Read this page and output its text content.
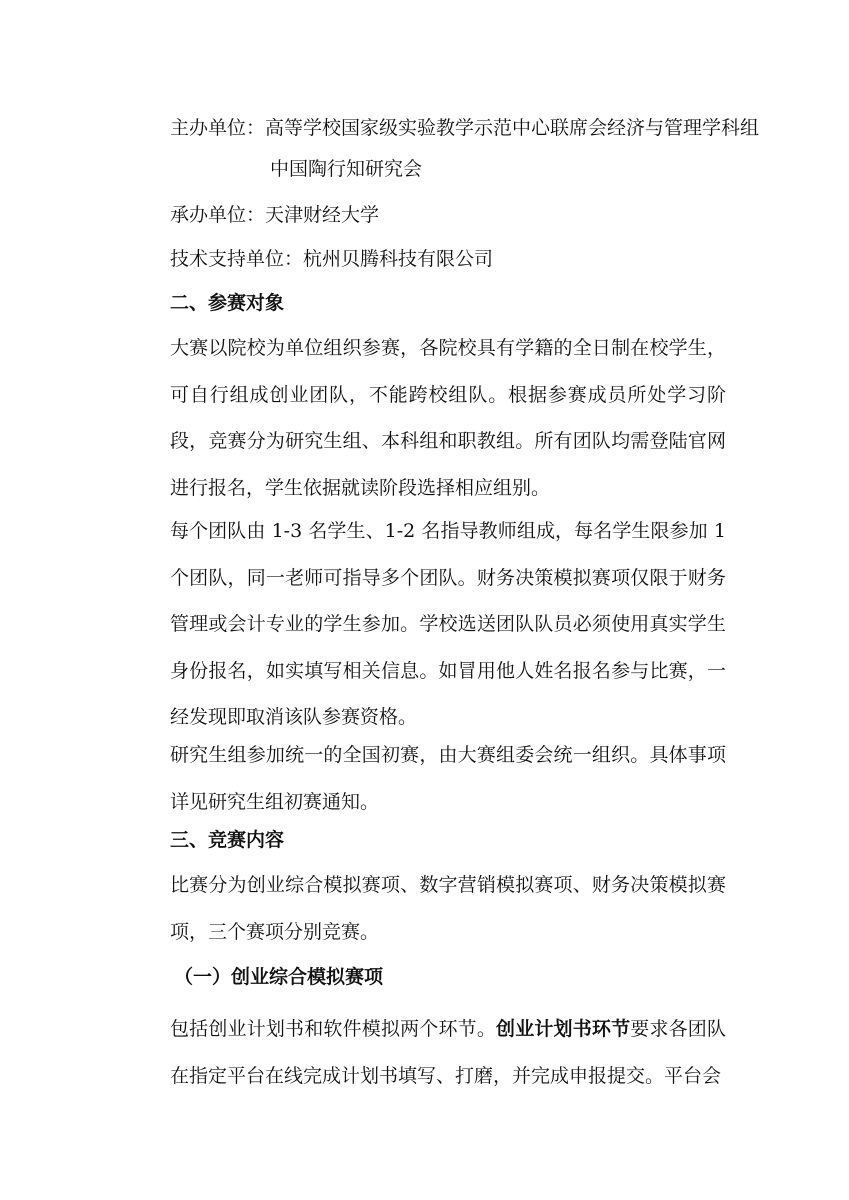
主办单位：高等学校国家级实验教学示范中心联席会经济与管理学科组
中国陶行知研究会
承办单位：天津财经大学
技术支持单位：杭州贝腾科技有限公司
二、参赛对象

大赛以院校为单位组织参赛，各院校具有学籍的全日制在校学生，可自行组成创业团队，不能跨校组队。根据参赛成员所处学习阶段，竞赛分为研究生组、本科组和职教组。所有团队均需登陆官网进行报名，学生依据就读阶段选择相应组别。

每个团队由 1-3 名学生、1-2 名指导教师组成，每名学生限参加 1 个团队，同一老师可指导多个团队。财务决策模拟赛项仅限于财务管理或会计专业的学生参加。学校选送团队队员必须使用真实学生身份报名，如实填写相关信息。如冒用他人姓名报名参与比赛，一经发现即取消该队参赛资格。

研究生组参加统一的全国初赛，由大赛组委会统一组织。具体事项详见研究生组初赛通知。

三、竞赛内容

比赛分为创业综合模拟赛项、数字营销模拟赛项、财务决策模拟赛项，三个赛项分别竞赛。

（一）创业综合模拟赛项

包括创业计划书和软件模拟两个环节。创业计划书环节要求各团队在指定平台在线完成计划书填写、打磨，并完成申报提交。平台会
